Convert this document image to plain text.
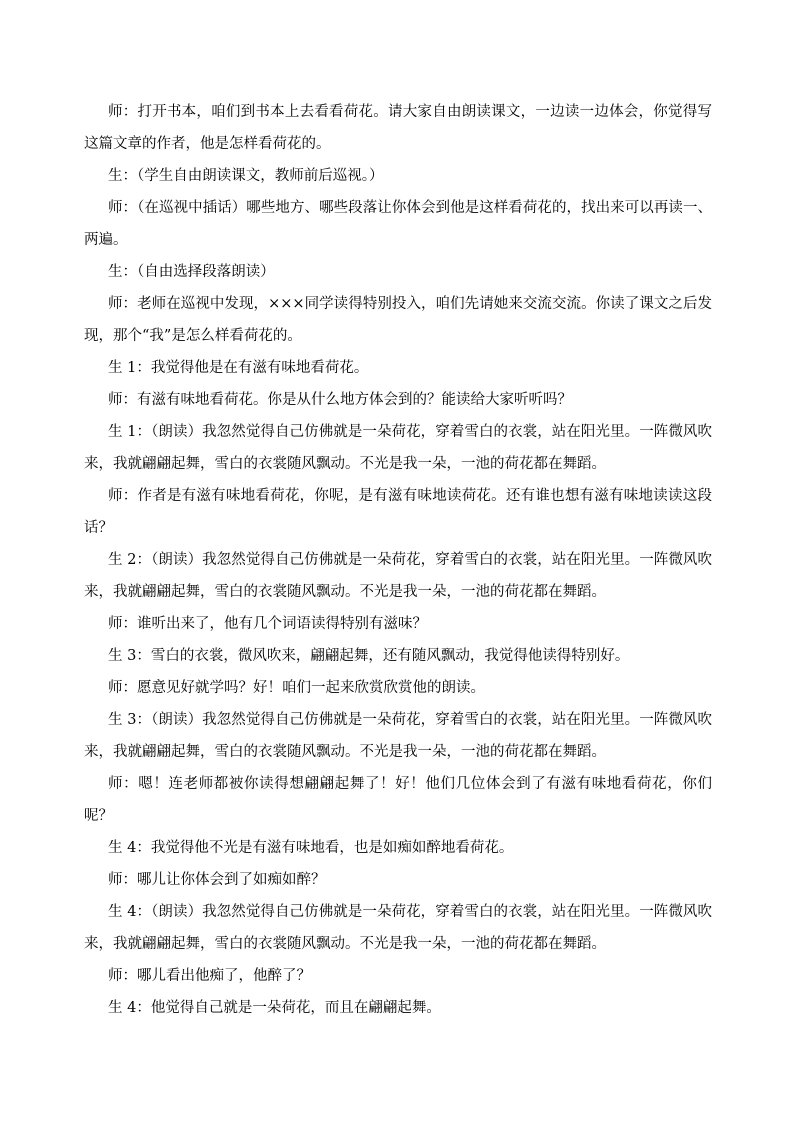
师：打开书本，咱们到书本上去看看荷花。请大家自由朗读课文，一边读一边体会，你觉得写这篇文章的作者，他是怎样看荷花的。

生：（学生自由朗读课文，教师前后巡视。）

师：（在巡视中插话）哪些地方、哪些段落让你体会到他是这样看荷花的，找出来可以再读一、两遍。

生：（自由选择段落朗读）

师：老师在巡视中发现，×××同学读得特别投入，咱们先请她来交流交流。你读了课文之后发现，那个“我”是怎么样看荷花的。

生 1：我觉得他是在有滋有味地看荷花。

师：有滋有味地看荷花。你是从什么地方体会到的？能读给大家听听吗？

生 1：（朗读）我忽然觉得自己仿佛就是一朵荷花，穿着雪白的衣裳，站在阳光里。一阵微风吹来，我就翩翩起舞，雪白的衣裳随风飘动。不光是我一朵，一池的荷花都在舞蹈。

师：作者是有滋有味地看荷花，你呢，是有滋有味地读荷花。还有谁也想有滋有味地读读这段话？

生 2：（朗读）我忽然觉得自己仿佛就是一朵荷花，穿着雪白的衣裳，站在阳光里。一阵微风吹来，我就翩翩起舞，雪白的衣裳随风飘动。不光是我一朵，一池的荷花都在舞蹈。

师：谁听出来了，他有几个词语读得特别有滋味？

生 3：雪白的衣裳，微风吹来，翩翩起舞，还有随风飘动，我觉得他读得特别好。

师：愿意见好就学吗？好！咱们一起来欣赏欣赏他的朗读。

生 3：（朗读）我忽然觉得自己仿佛就是一朵荷花，穿着雪白的衣裳，站在阳光里。一阵微风吹来，我就翩翩起舞，雪白的衣裳随风飘动。不光是我一朵，一池的荷花都在舞蹈。

师：嗯！连老师都被你读得想翩翩起舞了！好！他们几位体会到了有滋有味地看荷花，你们呢？

生 4：我觉得他不光是有滋有味地看，也是如痴如醉地看荷花。

师：哪儿让你体会到了如痴如醉？

生 4：（朗读）我忽然觉得自己仿佛就是一朵荷花，穿着雪白的衣裳，站在阳光里。一阵微风吹来，我就翩翩起舞，雪白的衣裳随风飘动。不光是我一朵，一池的荷花都在舞蹈。

师：哪儿看出他痴了，他醉了？

生 4：他觉得自己就是一朵荷花，而且在翩翩起舞。
